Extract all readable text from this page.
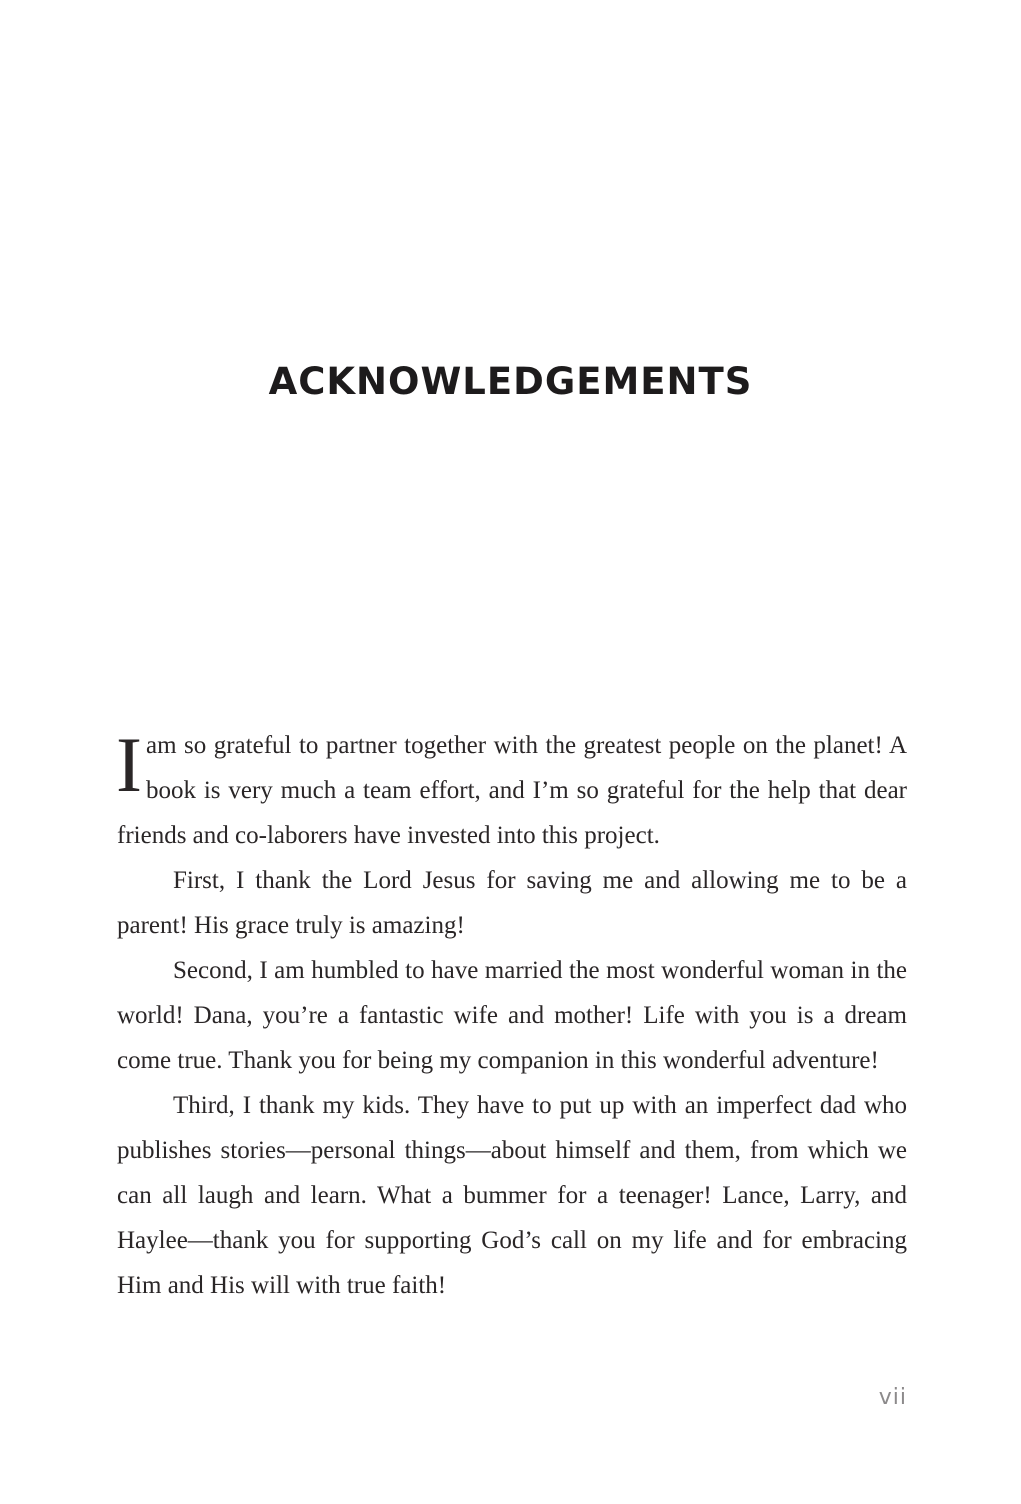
ACKNOWLEDGEMENTS

Iam so grateful to partner together with the greatest people on the planet! A book is very much a team effort, and I’m so grateful for the help that dear friends and co-laborers have invested into this project.

First, I thank the Lord Jesus for saving me and allowing me to be a parent! His grace truly is amazing!

Second, I am humbled to have married the most wonderful woman in the world! Dana, you’re a fantastic wife and mother! Life with you is a dream come true. Thank you for being my companion in this wonderful adventure!

Third, I thank my kids. They have to put up with an imperfect dad who publishes stories—personal things—about himself and them, from which we can all laugh and learn. What a bummer for a teenager! Lance, Larry, and Haylee—thank you for supporting God’s call on my life and for embracing Him and His will with true faith!

vii
